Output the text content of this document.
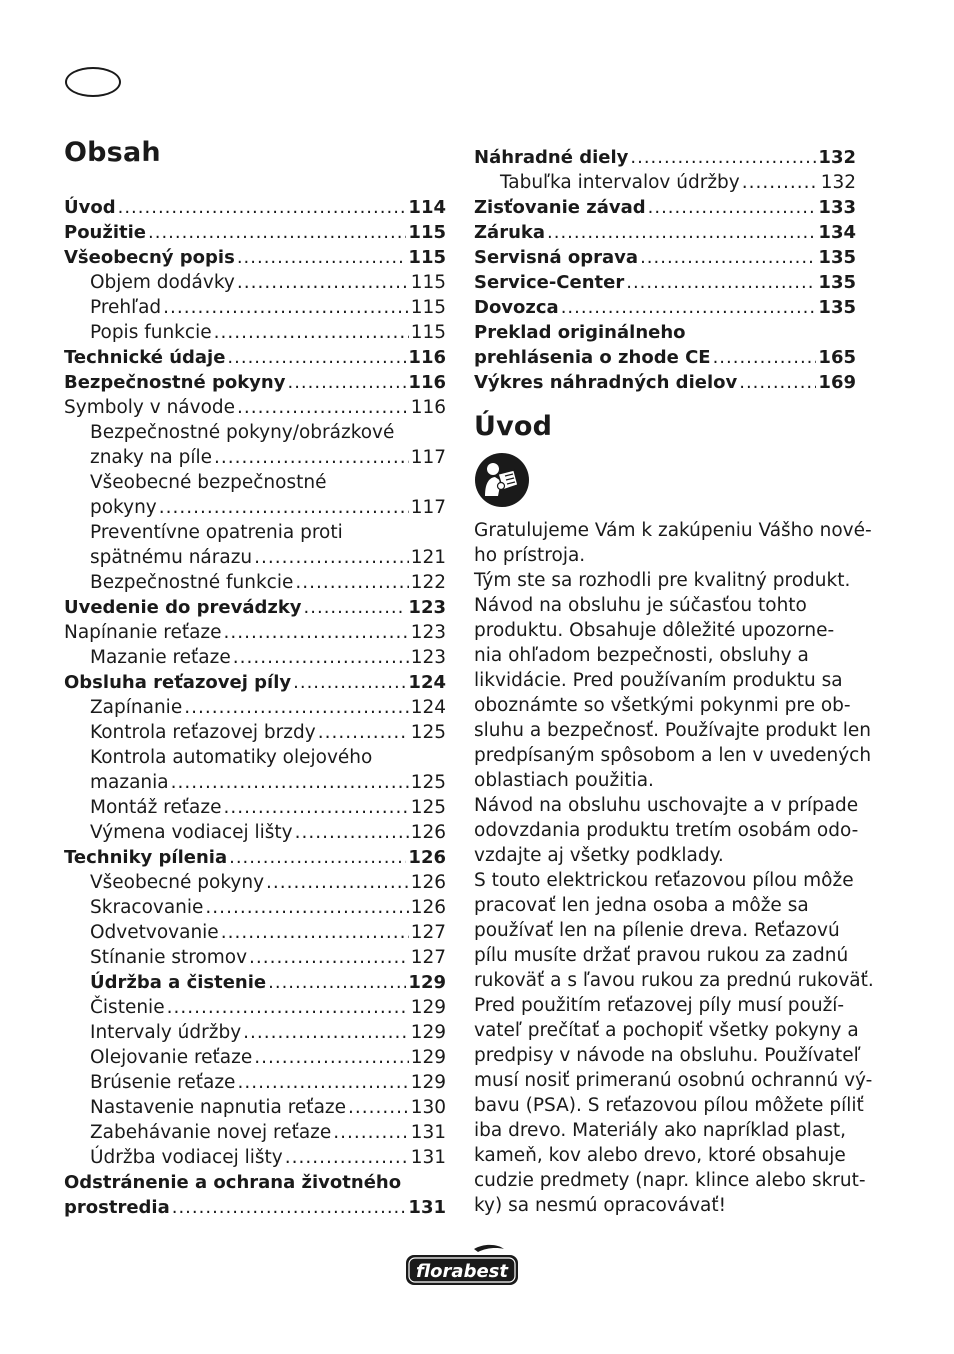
Obsah
Úvod .....	114
Použitie .....	115
Všeobecný popis .....	115
Objem dodávky .....	115
Prehľad .....	115
Popis funkcie .....	115
Technické údaje .....	116
Bezpečnostné pokyny .....	116
Symboly v návode .....	116
Bezpečnostné pokyny/obrázkové
znaky na píle .....	117
Všeobecné bezpečnostné
pokyny .....	117
Preventívne opatrenia proti
spätnému nárazu .....	121
Bezpečnostné funkcie .....	122
Uvedenie do prevádzky .....	123
Napínanie reťaze .....	123
Mazanie reťaze .....	123
Obsluha reťazovej píly .....	124
Zapínanie .....	124
Kontrola reťazovej brzdy .....	125
Kontrola automatiky olejového
mazania .....	125
Montáž reťaze .....	125
Výmena vodiacej lišty .....	126
Techniky pílenia .....	126
Všeobecné pokyny .....	126
Skracovanie .....	126
Odvetvovanie .....	127
Stínanie stromov .....	127
Údržba a čistenie .....	129
Čistenie .....	129
Intervaly údržby .....	129
Olejovanie reťaze .....	129
Brúsenie reťaze .....	129
Nastavenie napnutia reťaze .....	130
Zabehávanie novej reťaze .....	131
Údržba vodiacej lišty .....	131
Odstránenie a ochrana životného
prostredia .....	131
Náhradné diely .....	132
Tabuľka intervalov údržby .....	132
Zisťovanie závad .....	133
Záruka .....	134
Servisná oprava .....	135
Service-Center .....	135
Dovozca .....	135
Preklad originálneho
prehlásenia o zhode CE .....	165
Výkres náhradných dielov .....	169
Úvod
Gratulujeme Vám k zakúpeniu Vášho nové-
ho prístroja.
Tým ste sa rozhodli pre kvalitný produkt.
Návod na obsluhu je súčasťou tohto
produktu. Obsahuje dôležité upozorne-
nia ohľadom bezpečnosti, obsluhy a
likvidácie. Pred používaním produktu sa
oboznámte so všetkými pokynmi pre ob-
sluhu a bezpečnosť. Používajte produkt len
predpísaným spôsobom a len v uvedených
oblastiach použitia.
Návod na obsluhu uschovajte a v prípade
odovzdania produktu tretím osobám odo-
vzdajte aj všetky podklady.
S touto elektrickou reťazovou pílou môže
pracovať len jedna osoba a môže sa
používať len na pílenie dreva. Reťazovú
pílu musíte držať pravou rukou za zadnú
rukoväť a s ľavou rukou za prednú rukoväť.
Pred použitím reťazovej píly musí použí-
vateľ prečítať a pochopiť všetky pokyny a
predpisy v návode na obsluhu. Používateľ
musí nosiť primeranú osobnú ochrannú vý-
bavu (PSA). S reťazovou pílou môžete píliť
iba drevo. Materiály ako napríklad plast,
kameň, kov alebo drevo, ktoré obsahuje
cudzie predmety (napr. klince alebo skrut-
ky) sa nesmú opracovávať!
florabest
